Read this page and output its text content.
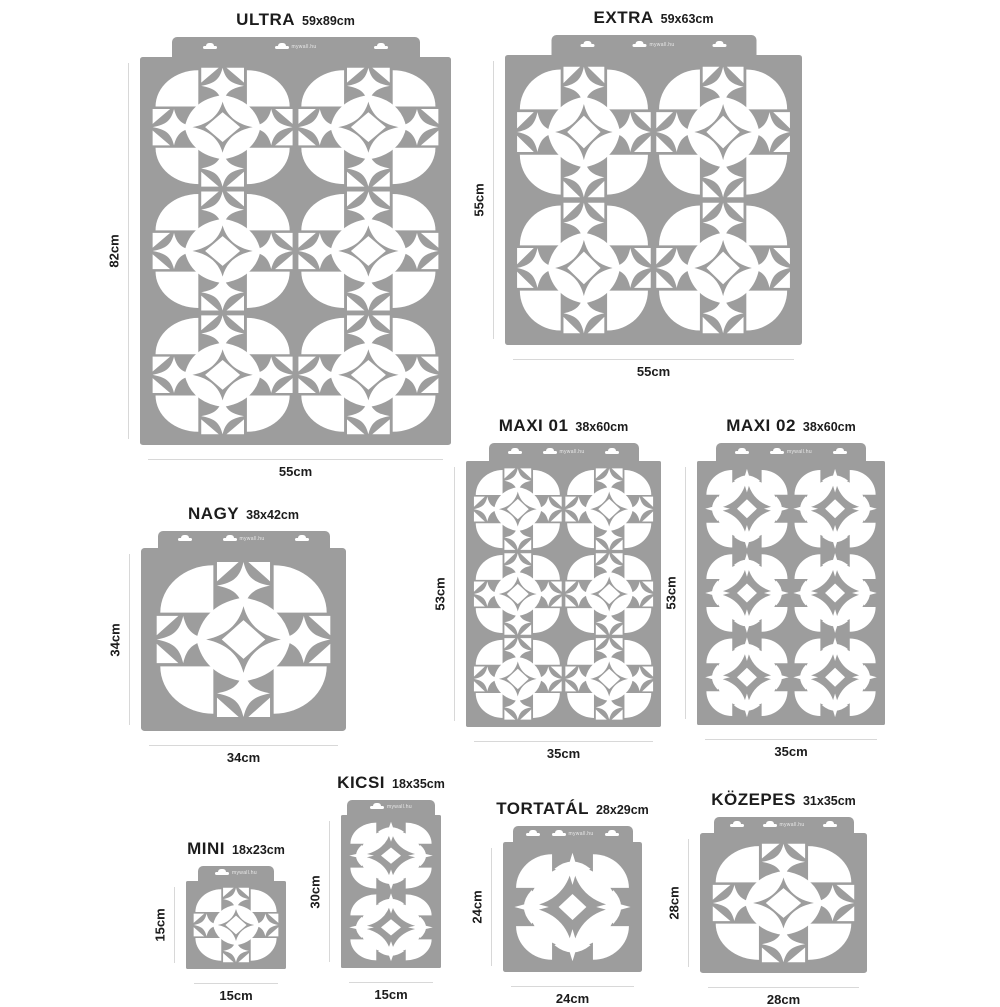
ULTRA 59x89cm
mywall.hu
82cm
55cm
EXTRA 59x63cm
mywall.hu
55cm
55cm
NAGY 38x42cm
mywall.hu
34cm
34cm
MAXI 01 38x60cm
mywall.hu
53cm
35cm
MAXI 02 38x60cm
mywall.hu
53cm
35cm
MINI 18x23cm
mywall.hu
15cm
15cm
KICSI 18x35cm
mywall.hu
30cm
15cm
TORTATÁL 28x29cm
mywall.hu
24cm
24cm
KÖZEPES 31x35cm
mywall.hu
28cm
28cm
